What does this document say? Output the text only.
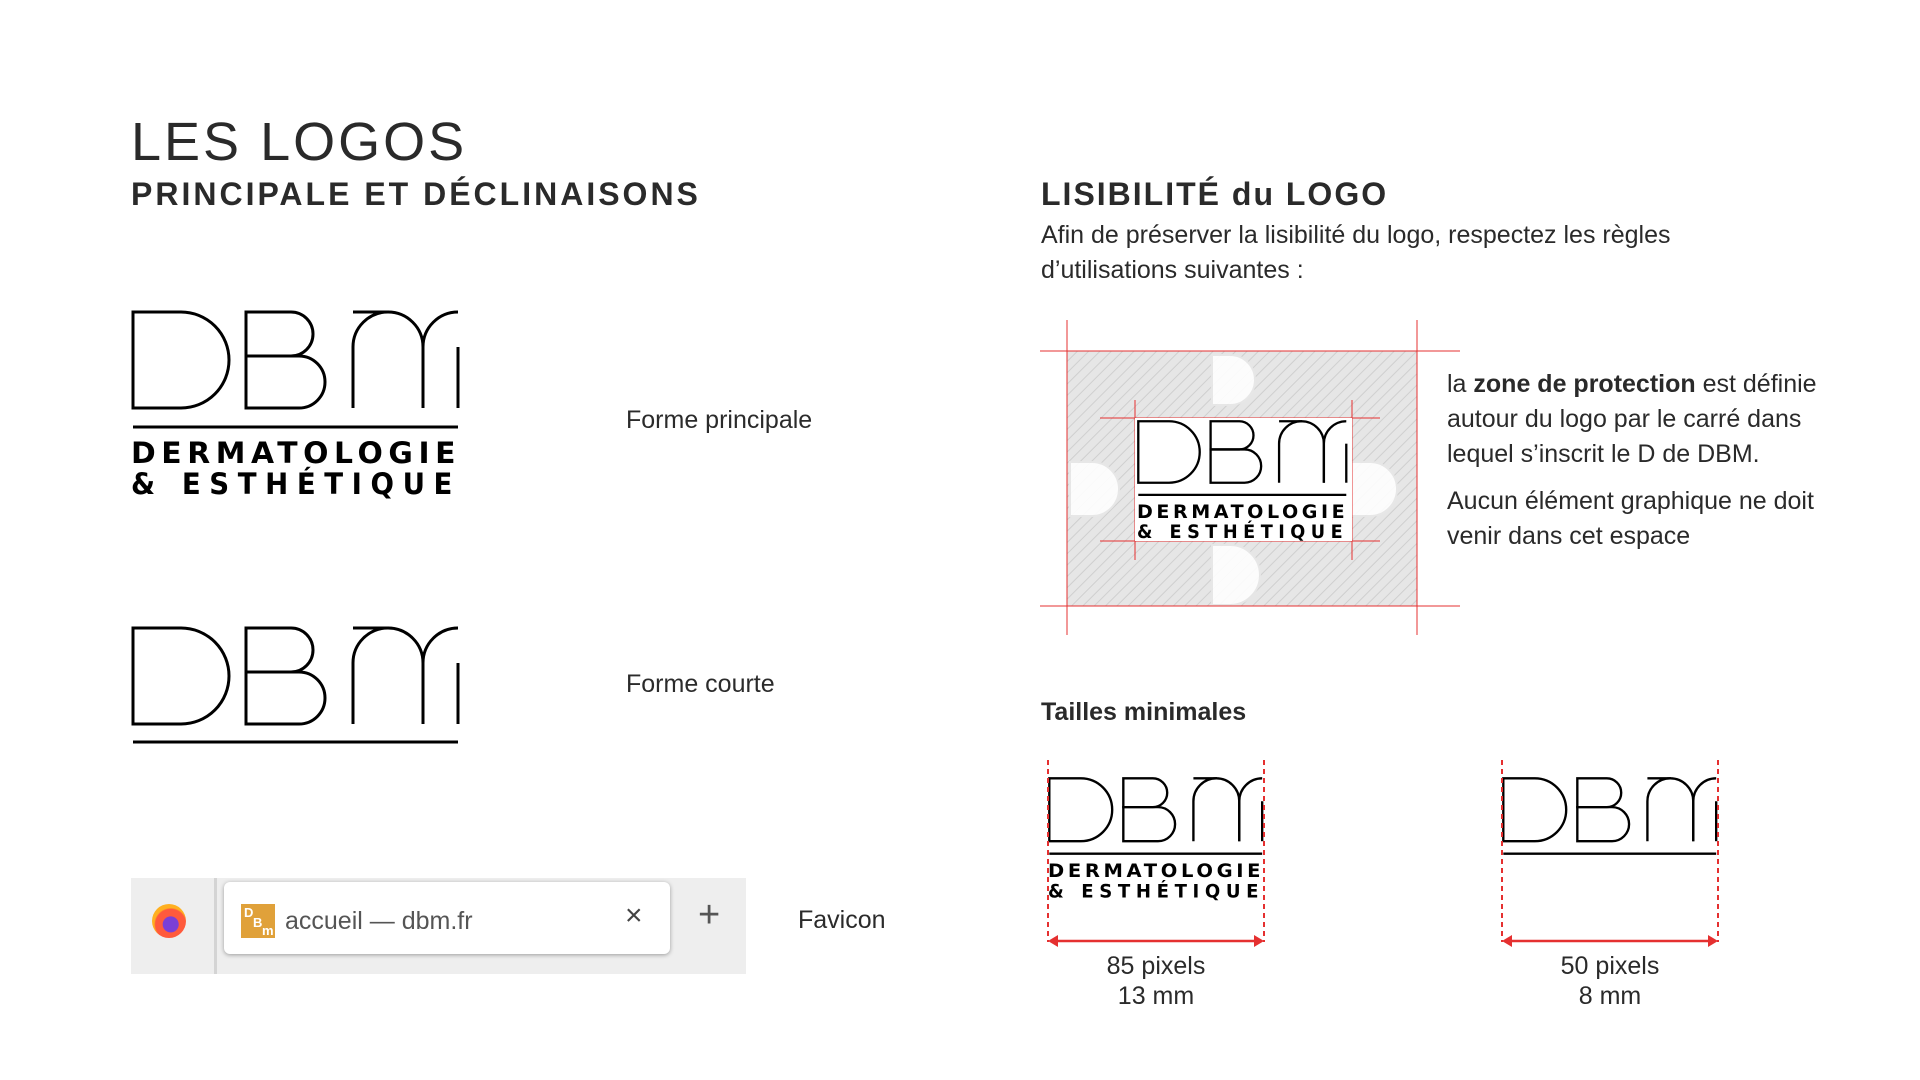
LES LOGOS
PRINCIPALE ET DÉCLINAISONS
DERMATOLOGIE
& ESTHÉTIQUE
Forme principale
Forme courte
D
B
m accueil — dbm.fr	× +	Favicon
LISIBILITÉ du LOGO
Afin de préserver la lisibilité du logo, respectez les règles d’utilisations suivantes :
DERMATOLOGIE
& ESTHÉTIQUE

la zone de protection est définie autour du logo par le carré dans lequel s’inscrit le D de DBM.

Aucun élément graphique ne doit venir dans cet espace

Tailles minimales
DERMATOLOGIE
& ESTHÉTIQUE
85 pixels
13 mm
50 pixels
8 mm
